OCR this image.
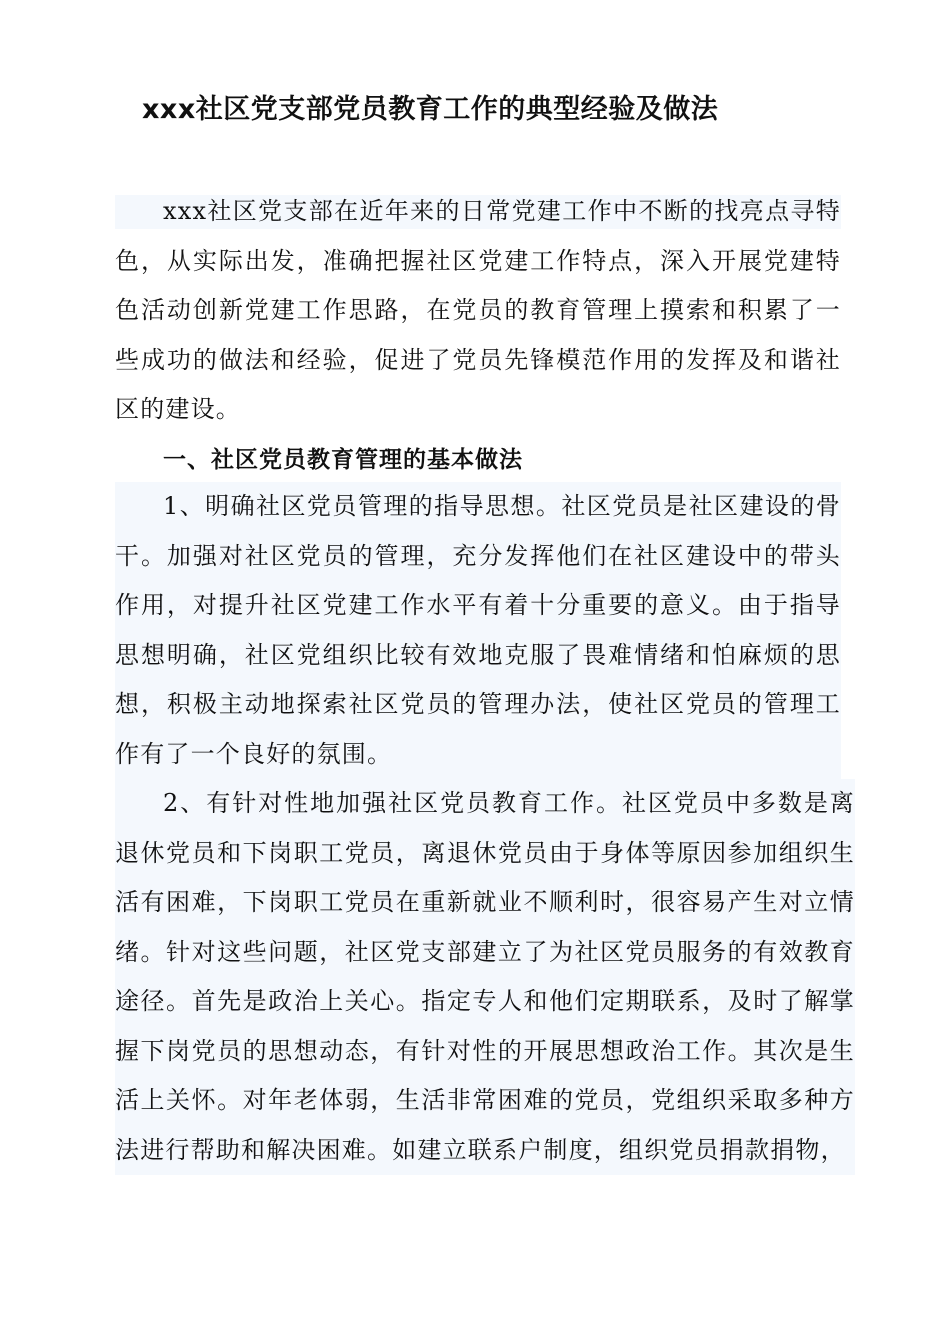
xxx社区党支部党员教育工作的典型经验及做法

xxx社区党支部在近年来的日常党建工作中不断的找亮点寻特色，从实际出发，准确把握社区党建工作特点，深入开展党建特色活动创新党建工作思路，在党员的教育管理上摸索和积累了一些成功的做法和经验，促进了党员先锋模范作用的发挥及和谐社区的建设。

一、社区党员教育管理的基本做法

1、明确社区党员管理的指导思想。社区党员是社区建设的骨干。加强对社区党员的管理，充分发挥他们在社区建设中的带头作用，对提升社区党建工作水平有着十分重要的意义。由于指导思想明确，社区党组织比较有效地克服了畏难情绪和怕麻烦的思想，积极主动地探索社区党员的管理办法，使社区党员的管理工作有了一个良好的氛围。

2、有针对性地加强社区党员教育工作。社区党员中多数是离退休党员和下岗职工党员，离退休党员由于身体等原因参加组织生活有困难，下岗职工党员在重新就业不顺利时，很容易产生对立情绪。针对这些问题，社区党支部建立了为社区党员服务的有效教育途径。首先是政治上关心。指定专人和他们定期联系，及时了解掌握下岗党员的思想动态，有针对性的开展思想政治工作。其次是生活上关怀。对年老体弱，生活非常困难的党员，党组织采取多种方法进行帮助和解决困难。如建立联系户制度，组织党员捐款捐物，
